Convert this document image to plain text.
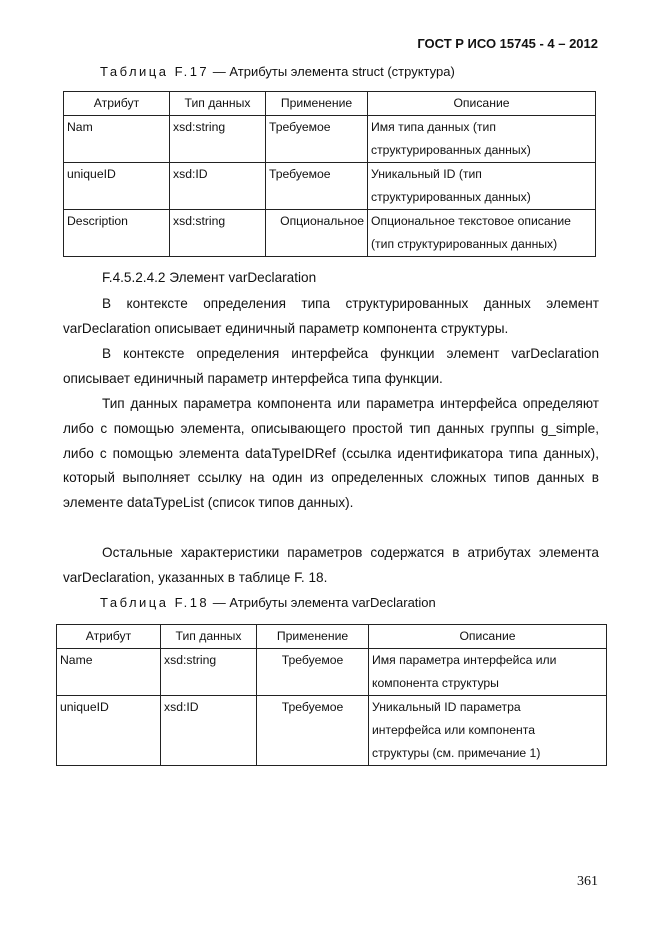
ГОСТ Р ИСО 15745 - 4 – 2012
Таблица F.17 — Атрибуты элемента struct (структура)
Атрибут	Тип данных	Применение	Описание
Nam	xsd:string	Требуемое	Имя типа данных (тип
структурированных данных)

uniqueID	xsd:ID	Требуемое	Уникальный ID (тип
структурированных данных)

Description	xsd:string	Опциональное	Опциональное текстовое описание
(тип структурированных данных)
F.4.5.2.4.2 Элемент varDeclaration
В контексте определения типа структурированных данных элемент varDeclaration описывает единичный параметр компонента структуры.
В контексте определения интерфейса функции элемент varDeclaration описывает единичный параметр интерфейса типа функции.
Тип данных параметра компонента или параметра интерфейса определяют либо с помощью элемента, описывающего простой тип данных группы g_simple, либо с помощью элемента dataTypeIDRef (ссылка идентификатора типа данных), который выполняет ссылку на один из определенных сложных типов данных в элементе dataTypeList (список типов данных).
Остальные характеристики параметров содержатся в атрибутах элемента varDeclaration, указанных в таблице F. 18.
Таблица F.18 — Атрибуты элемента varDeclaration
Атрибут	Тип данных	Применение	Описание
Name	xsd:string	Требуемое	Имя параметра интерфейса или
компонента структуры

uniqueID	xsd:ID	Требуемое	Уникальный ID параметра
интерфейса или компонента
структуры (см. примечание 1)
361
